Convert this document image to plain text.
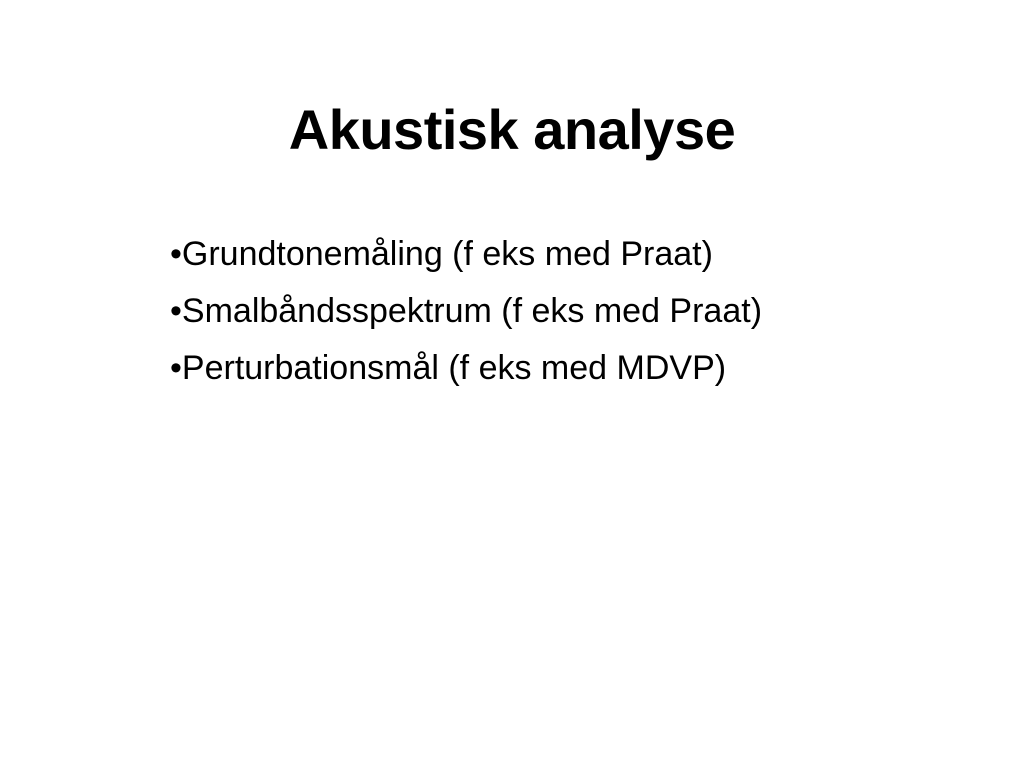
Akustisk analyse
•Grundtonemåling (f eks med Praat)
•Smalbåndsspektrum (f eks med Praat)
•Perturbationsmål (f eks med MDVP)
